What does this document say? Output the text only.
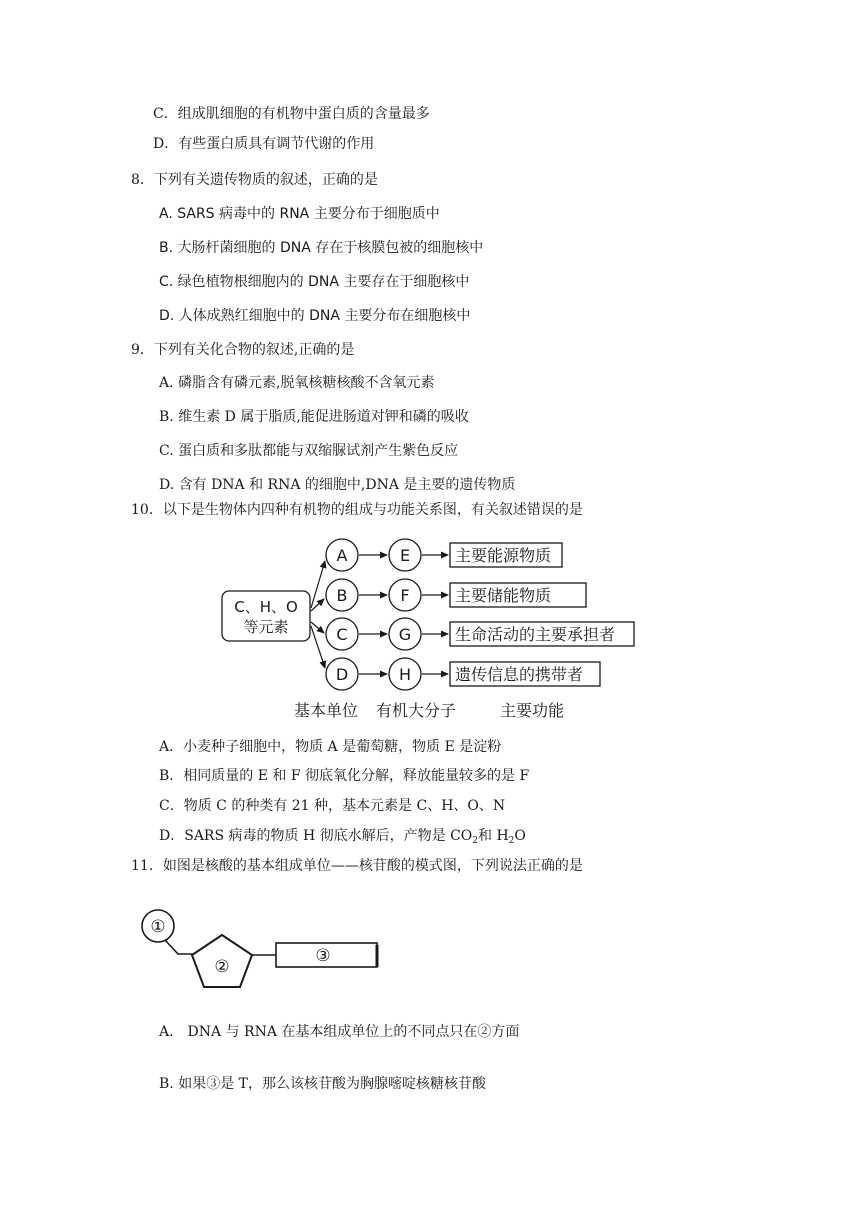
C．组成肌细胞的有机物中蛋白质的含量最多
D．有些蛋白质具有调节代谢的作用
8．下列有关遗传物质的叙述，正确的是
A. SARS 病毒中的 RNA 主要分布于细胞质中
B. 大肠杆菌细胞的 DNA 存在于核膜包被的细胞核中
C. 绿色植物根细胞内的 DNA 主要存在于细胞核中
D. 人体成熟红细胞中的 DNA 主要分布在细胞核中
9．下列有关化合物的叙述,正确的是
A. 磷脂含有磷元素,脱氧核糖核酸不含氧元素
B. 维生素 D 属于脂质,能促进肠道对钾和磷的吸收
C. 蛋白质和多肽都能与双缩脲试剂产生紫色反应
D. 含有 DNA 和 RNA 的细胞中,DNA 是主要的遗传物质
10．以下是生物体内四种有机物的组成与功能关系图，有关叙述错误的是
C、H、O
等元素
A	E	主要能源物质
B	F	主要储能物质
C	G	生命活动的主要承担者
D	H	遗传信息的携带者
基本单位 有机大分子	主要功能
A．小麦种子细胞中，物质 A 是葡萄糖，物质 E 是淀粉
B．相同质量的 E 和 F 彻底氧化分解，释放能量较多的是 F
C．物质 C 的种类有 21 种，基本元素是 C、H、O、N
D．SARS 病毒的物质 H 彻底水解后，产物是 $CO_2$和 $H_2O$
11．如图是核酸的基本组成单位——核苷酸的模式图，下列说法正确的是
①
②
③
A.　DNA 与 RNA 在基本组成单位上的不同点只在②方面
B. 如果③是 T，那么该核苷酸为胸腺嘧啶核糖核苷酸
